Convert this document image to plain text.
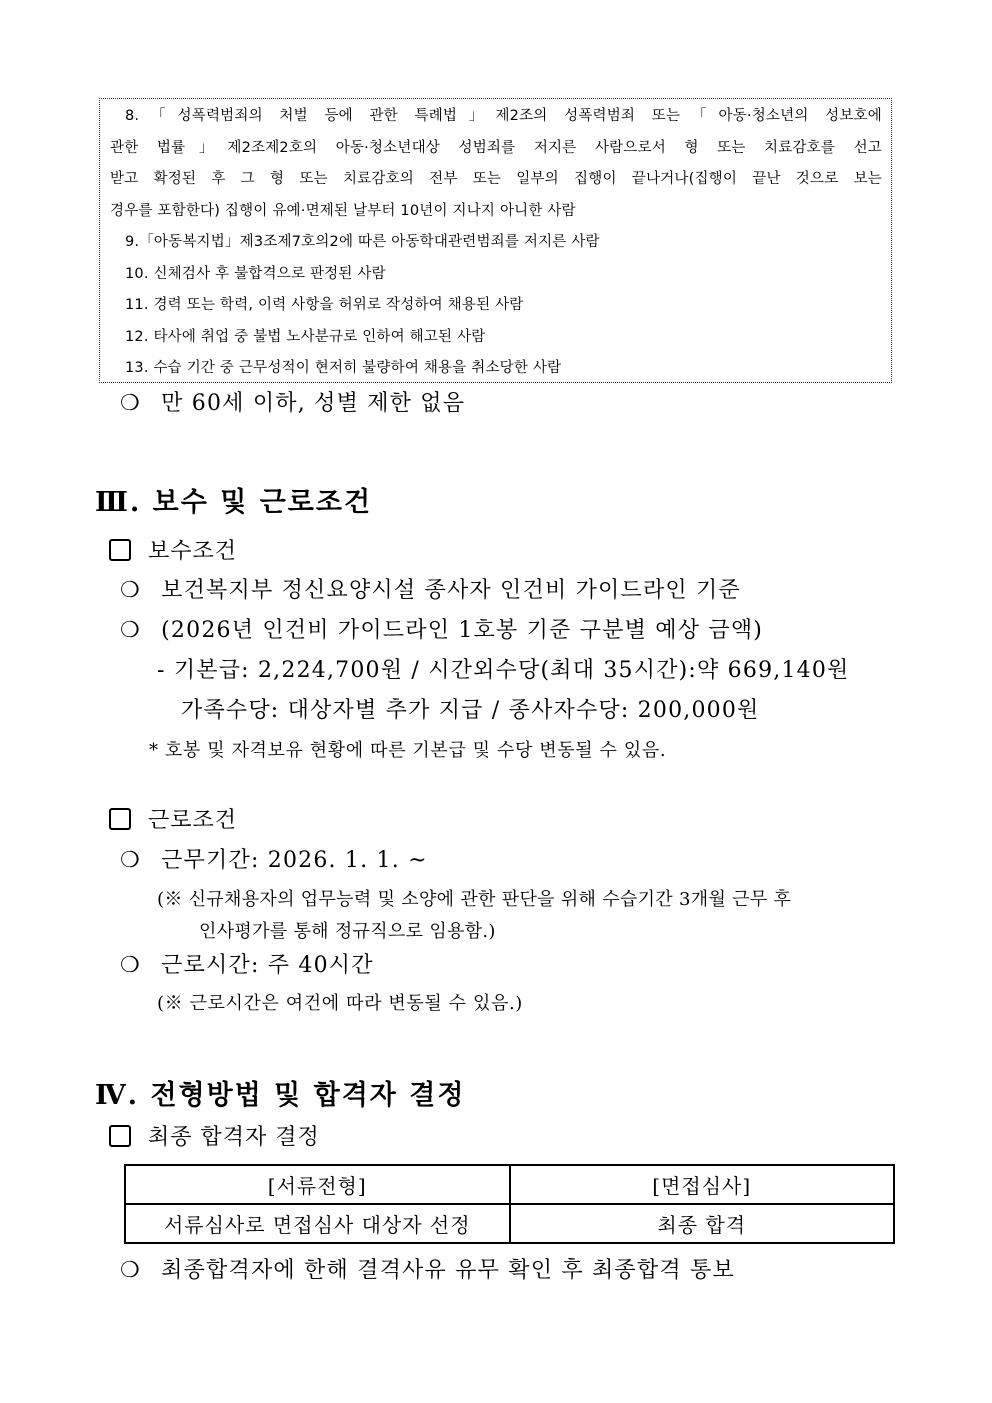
8.「성폭력범죄의 처벌 등에 관한 특례법」제2조의 성폭력범죄 또는「아동·청소년의 성보호에
관한 법률」제2조제2호의 아동·청소년대상 성범죄를 저지른 사람으로서 형 또는 치료감호를 선고
받고 확정된 후 그 형 또는 치료감호의 전부 또는 일부의 집행이 끝나거나(집행이 끝난 것으로 보는
경우를 포함한다) 집행이 유예·면제된 날부터 10년이 지나지 아니한 사람
9.「아동복지법」제3조제7호의2에 따른 아동학대관련범죄를 저지른 사람
10. 신체검사 후 불합격으로 판정된 사람
11. 경력 또는 학력, 이력 사항을 허위로 작성하여 채용된 사람
12. 타사에 취업 중 불법 노사분규로 인하여 해고된 사람
13. 수습 기간 중 근무성적이 현저히 불량하여 채용을 취소당한 사람
❍ 만 60세 이하, 성별 제한 없음
Ⅲ. 보수 및 근로조건
보수조건
❍ 보건복지부 정신요양시설 종사자 인건비 가이드라인 기준
❍ (2026년 인건비 가이드라인 1호봉 기준 구분별 예상 금액)
- 기본급: 2,224,700원 / 시간외수당(최대 35시간):약 669,140원
가족수당: 대상자별 추가 지급 / 종사자수당: 200,000원
* 호봉 및 자격보유 현황에 따른 기본급 및 수당 변동될 수 있음.
근로조건
❍ 근무기간: 2026. 1. 1. ~
(※ 신규채용자의 업무능력 및 소양에 관한 판단을 위해 수습기간 3개월 근무 후
인사평가를 통해 정규직으로 임용함.)
❍ 근로시간: 주 40시간
(※ 근로시간은 여건에 따라 변동될 수 있음.)
Ⅳ. 전형방법 및 합격자 결정
최종 합격자 결정
[서류전형]	[면접심사]
서류심사로 면접심사 대상자 선정	최종 합격
❍ 최종합격자에 한해 결격사유 유무 확인 후 최종합격 통보
